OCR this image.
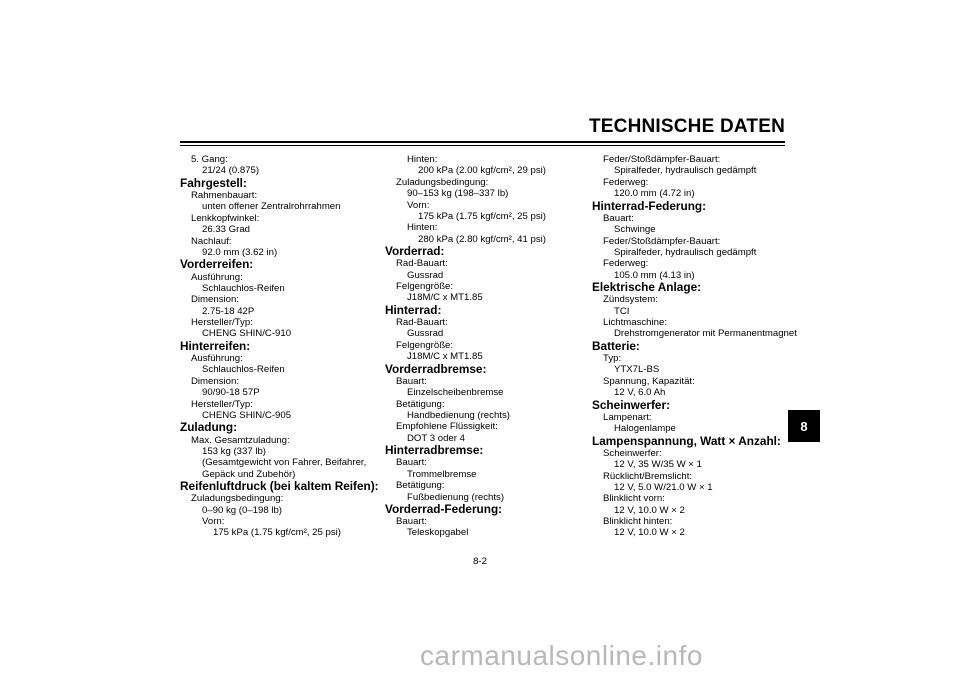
TECHNISCHE DATEN
8
5. Gang:
21/24 (0.875)
Fahrgestell:
Rahmenbauart:
unten offener Zentralrohrrahmen
Lenkkopfwinkel:
26.33 Grad
Nachlauf:
92.0 mm (3.62 in)
Vorderreifen:
Ausführung:
Schlauchlos-Reifen
Dimension:
2.75-18 42P
Hersteller/Typ:
CHENG SHIN/C-910
Hinterreifen:
Ausführung:
Schlauchlos-Reifen
Dimension:
90/90-18 57P
Hersteller/Typ:
CHENG SHIN/C-905
Zuladung:
Max. Gesamtzuladung:
153 kg (337 lb)
(Gesamtgewicht von Fahrer, Beifahrer,
Gepäck und Zubehör)
Reifenluftdruck (bei kaltem Reifen):
Zuladungsbedingung:
0–90 kg (0–198 lb)
Vorn:
175 kPa (1.75 kgf/cm², 25 psi)
Hinten:
200 kPa (2.00 kgf/cm², 29 psi)
Zuladungsbedingung:
90–153 kg (198–337 lb)
Vorn:
175 kPa (1.75 kgf/cm², 25 psi)
Hinten:
280 kPa (2.80 kgf/cm², 41 psi)
Vorderrad:
Rad-Bauart:
Gussrad
Felgengröße:
J18M/C x MT1.85
Hinterrad:
Rad-Bauart:
Gussrad
Felgengröße:
J18M/C x MT1.85
Vorderradbremse:
Bauart:
Einzelscheibenbremse
Betätigung:
Handbedienung (rechts)
Empfohlene Flüssigkeit:
DOT 3 oder 4
Hinterradbremse:
Bauart:
Trommelbremse
Betätigung:
Fußbedienung (rechts)
Vorderrad-Federung:
Bauart:
Teleskopgabel
Feder/Stoßdämpfer-Bauart:
Spiralfeder, hydraulisch gedämpft
Federweg:
120.0 mm (4.72 in)
Hinterrad-Federung:
Bauart:
Schwinge
Feder/Stoßdämpfer-Bauart:
Spiralfeder, hydraulisch gedämpft
Federweg:
105.0 mm (4.13 in)
Elektrische Anlage:
Zündsystem:
TCI
Lichtmaschine:
Drehstromgenerator mit Permanentmagnet
Batterie:
Typ:
YTX7L-BS
Spannung, Kapazität:
12 V, 6.0 Ah
Scheinwerfer:
Lampenart:
Halogenlampe
Lampenspannung, Watt × Anzahl:
Scheinwerfer:
12 V, 35 W/35 W × 1
Rücklicht/Bremslicht:
12 V, 5.0 W/21.0 W × 1
Blinklicht vorn:
12 V, 10.0 W × 2
Blinklicht hinten:
12 V, 10.0 W × 2
8-2
carmanualsonline.info
